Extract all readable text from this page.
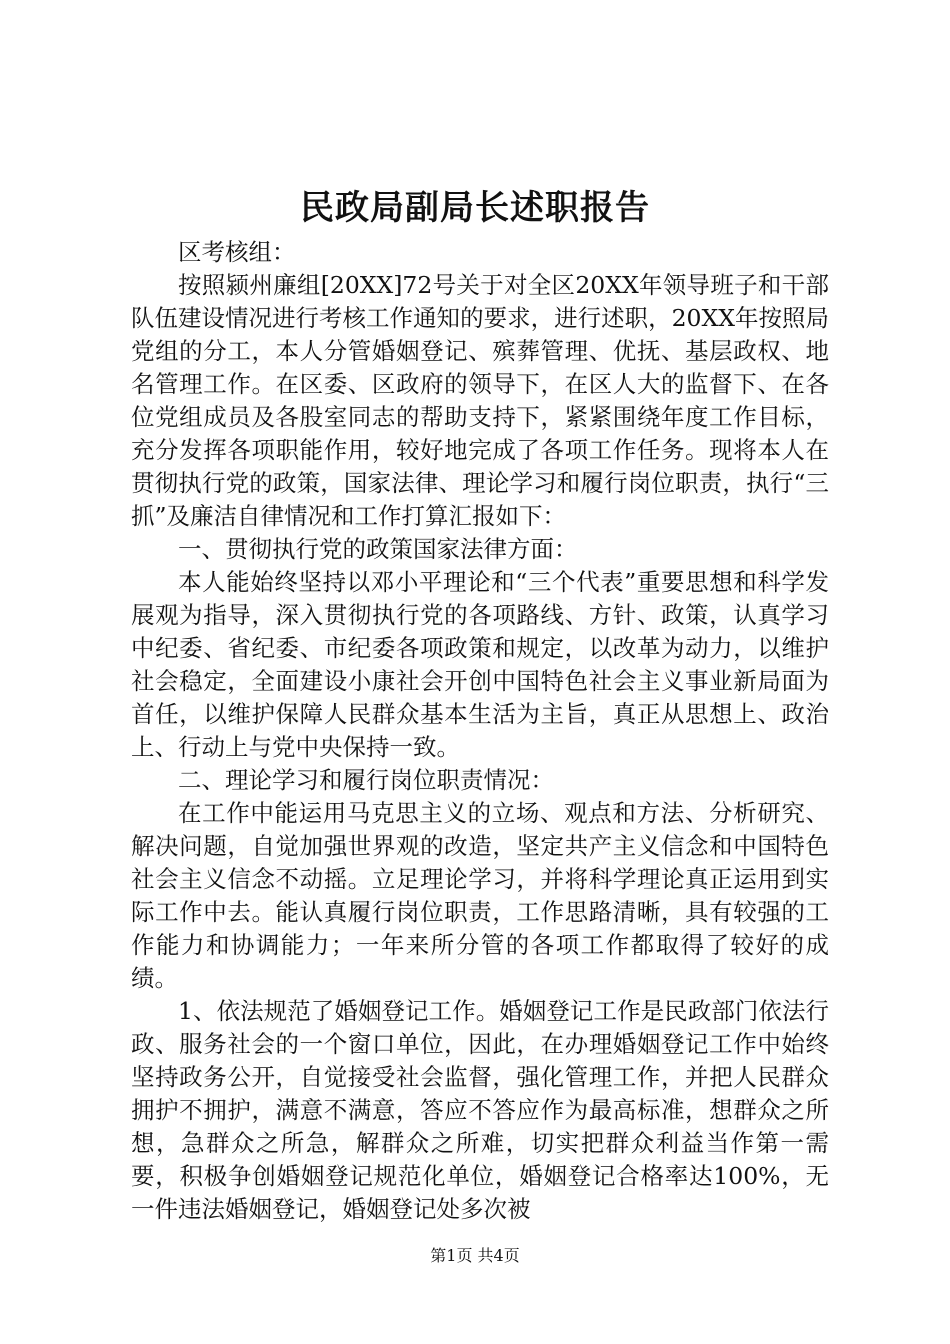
民政局副局长述职报告

区考核组：

按照颍州廉组[20XX]72号关于对全区20XX年领导班子和干部队伍建设情况进行考核工作通知的要求，进行述职，20XX年按照局党组的分工，本人分管婚姻登记、殡葬管理、优抚、基层政权、地名管理工作。在区委、区政府的领导下，在区人大的监督下、在各位党组成员及各股室同志的帮助支持下，紧紧围绕年度工作目标，充分发挥各项职能作用，较好地完成了各项工作任务。现将本人在贯彻执行党的政策，国家法律、理论学习和履行岗位职责，执行“三抓”及廉洁自律情况和工作打算汇报如下：

一、贯彻执行党的政策国家法律方面：

本人能始终坚持以邓小平理论和“三个代表”重要思想和科学发展观为指导，深入贯彻执行党的各项路线、方针、政策，认真学习中纪委、省纪委、市纪委各项政策和规定，以改革为动力，以维护社会稳定，全面建设小康社会开创中国特色社会主义事业新局面为首任，以维护保障人民群众基本生活为主旨，真正从思想上、政治上、行动上与党中央保持一致。

二、理论学习和履行岗位职责情况：

在工作中能运用马克思主义的立场、观点和方法、分析研究、解决问题，自觉加强世界观的改造，坚定共产主义信念和中国特色社会主义信念不动摇。立足理论学习，并将科学理论真正运用到实际工作中去。能认真履行岗位职责，工作思路清晰，具有较强的工作能力和协调能力；一年来所分管的各项工作都取得了较好的成绩。

1、依法规范了婚姻登记工作。婚姻登记工作是民政部门依法行政、服务社会的一个窗口单位，因此，在办理婚姻登记工作中始终坚持政务公开，自觉接受社会监督，强化管理工作，并把人民群众拥护不拥护，满意不满意，答应不答应作为最高标准，想群众之所想，急群众之所急，解群众之所难，切实把群众利益当作第一需要，积极争创婚姻登记规范化单位，婚姻登记合格率达100%，无一件违法婚姻登记，婚姻登记处多次被

第1页 共4页
